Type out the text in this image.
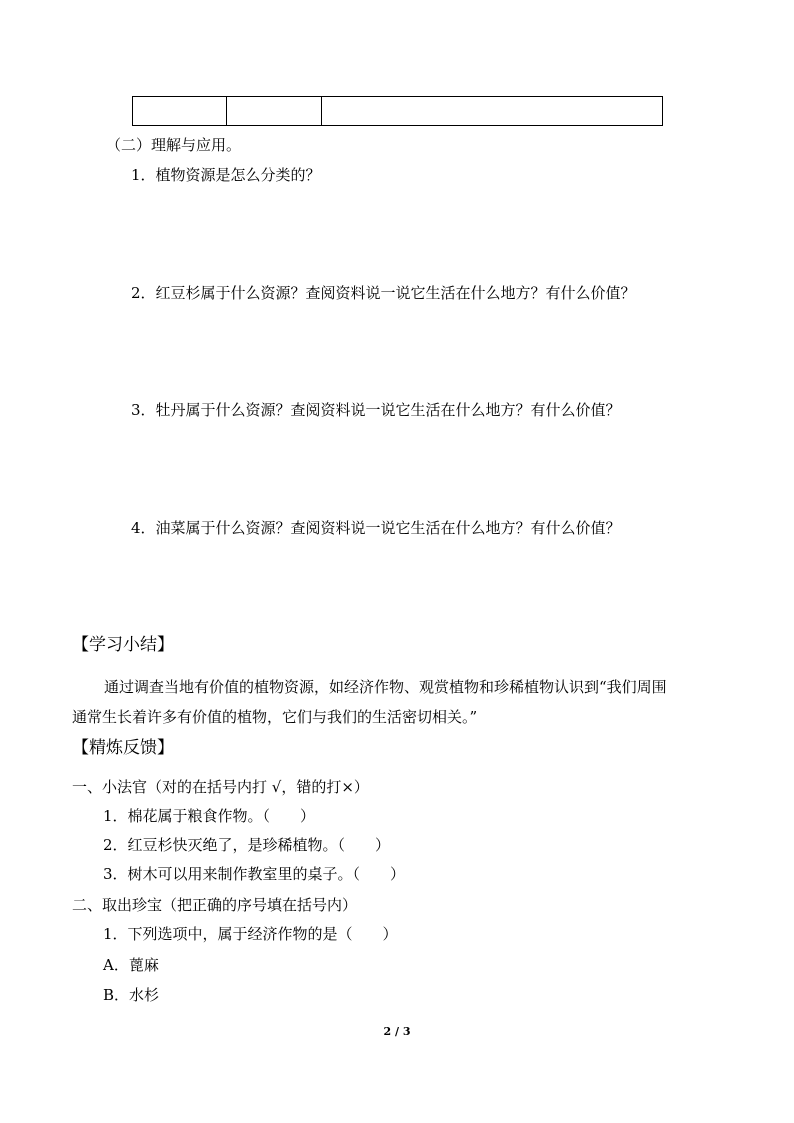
（二）理解与应用。
1．植物资源是怎么分类的？
2．红豆杉属于什么资源？查阅资料说一说它生活在什么地方？有什么价值？
3．牡丹属于什么资源？查阅资料说一说它生活在什么地方？有什么价值？
4．油菜属于什么资源？查阅资料说一说它生活在什么地方？有什么价值？
【学习小结】
通过调查当地有价值的植物资源，如经济作物、观赏植物和珍稀植物认识到“我们周围
通常生长着许多有价值的植物，它们与我们的生活密切相关。”
【精炼反馈】
一、小法官（对的在括号内打 √，错的打×）
1．棉花属于粮食作物。（　　）
2．红豆杉快灭绝了，是珍稀植物。（　　）
3．树木可以用来制作教室里的桌子。（　　）
二、取出珍宝（把正确的序号填在括号内）
1．下列选项中，属于经济作物的是（　　）
A．蓖麻
B．水杉
2 / 3
